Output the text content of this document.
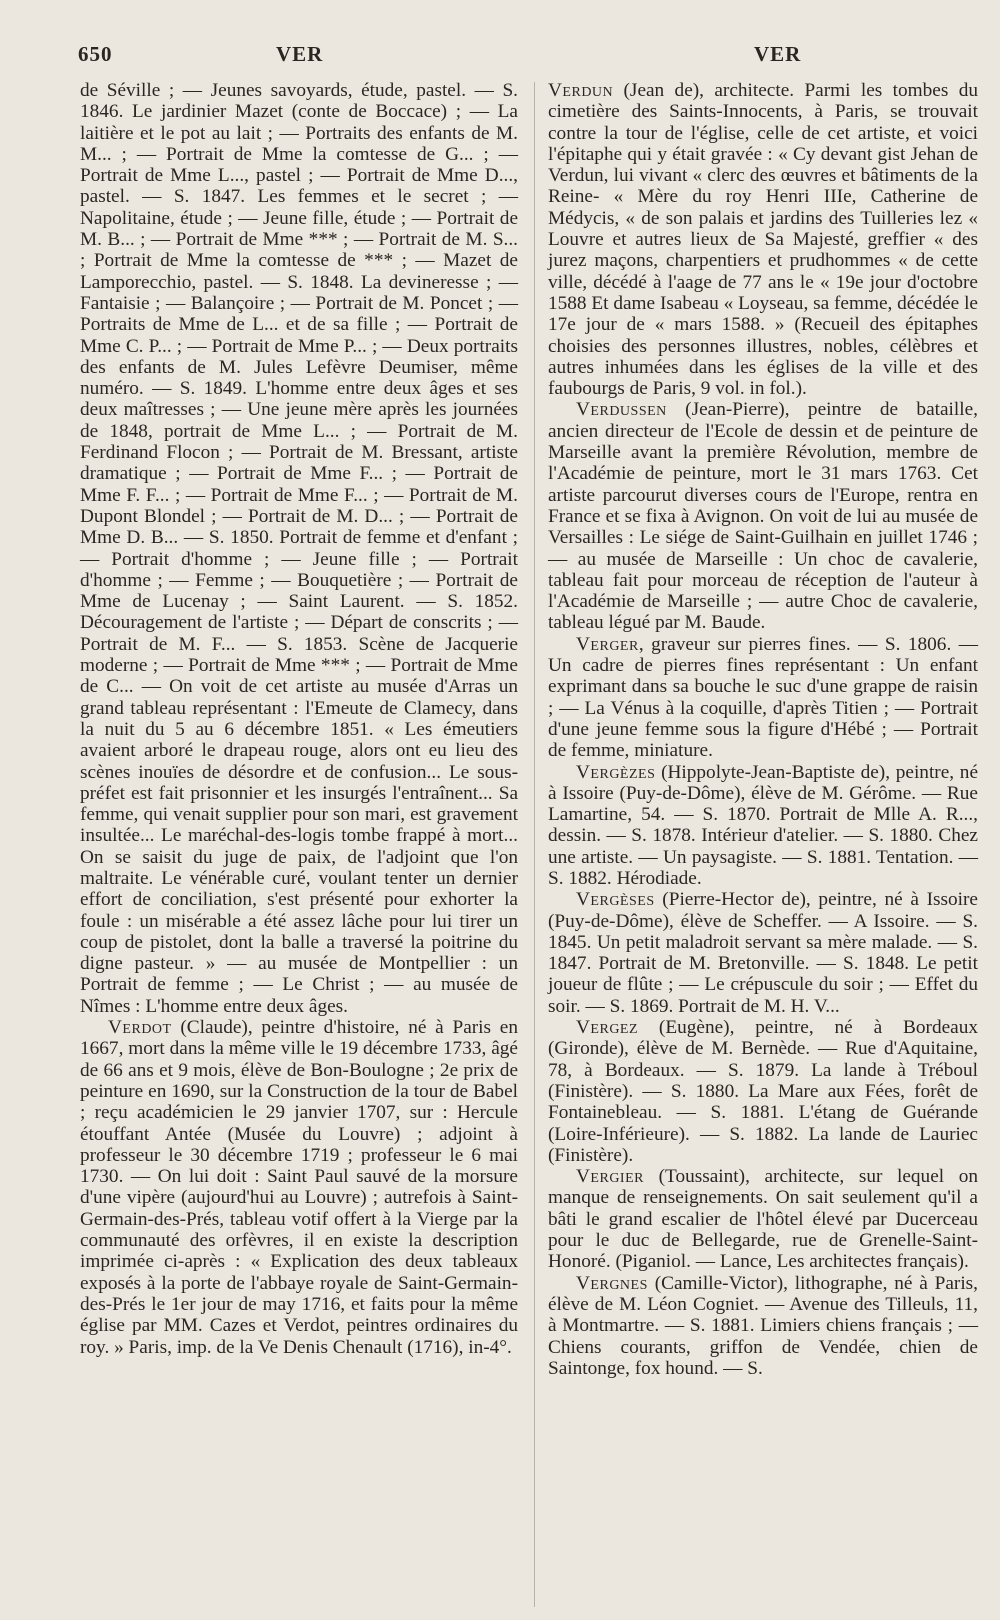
650	VER	VER

de Séville ; — Jeunes savoyards, étude, pastel. — S. 1846. Le jardinier Mazet (conte de Boccace) ; — La laitière et le pot au lait ; — Portraits des enfants de M. M... ; — Portrait de Mme la comtesse de G... ; — Portrait de Mme L..., pastel ; — Portrait de Mme D..., pastel. — S. 1847. Les femmes et le secret ; — Napolitaine, étude ; — Jeune fille, étude ; — Portrait de M. B... ; — Portrait de Mme *** ; — Portrait de M. S... ; Portrait de Mme la comtesse de *** ; — Mazet de Lamporecchio, pastel. — S. 1848. La devineresse ; — Fantaisie ; — Balançoire ; — Portrait de M. Poncet ; — Portraits de Mme de L... et de sa fille ; — Portrait de Mme C. P... ; — Portrait de Mme P... ; — Deux portraits des enfants de M. Jules Lefèvre Deumiser, même numéro. — S. 1849. L'homme entre deux âges et ses deux maîtresses ; — Une jeune mère après les journées de 1848, portrait de Mme L... ; — Portrait de M. Ferdinand Flocon ; — Portrait de M. Bressant, artiste dramatique ; — Portrait de Mme F... ; — Portrait de Mme F. F... ; — Portrait de Mme F... ; — Portrait de M. Dupont Blondel ; — Portrait de M. D... ; — Portrait de Mme D. B... — S. 1850. Portrait de femme et d'enfant ; — Portrait d'homme ; — Jeune fille ; — Portrait d'homme ; — Femme ; — Bouquetière ; — Portrait de Mme de Lucenay ; — Saint Laurent. — S. 1852. Découragement de l'artiste ; — Départ de conscrits ; — Portrait de M. F... — S. 1853. Scène de Jacquerie moderne ; — Portrait de Mme *** ; — Portrait de Mme de C... — On voit de cet artiste au musée d'Arras un grand tableau représentant : l'Emeute de Clamecy, dans la nuit du 5 au 6 décembre 1851. « Les émeutiers avaient arboré le drapeau rouge, alors ont eu lieu des scènes inouïes de désordre et de confusion... Le sous-préfet est fait prisonnier et les insurgés l'entraînent... Sa femme, qui venait supplier pour son mari, est gravement insultée... Le maréchal-des-logis tombe frappé à mort... On se saisit du juge de paix, de l'adjoint que l'on maltraite. Le vénérable curé, voulant tenter un dernier effort de conciliation, s'est présenté pour exhorter la foule : un misérable a été assez lâche pour lui tirer un coup de pistolet, dont la balle a traversé la poitrine du digne pasteur. » — au musée de Montpellier : un Portrait de femme ; — Le Christ ; — au musée de Nîmes : L'homme entre deux âges.

Verdot (Claude), peintre d'histoire, né à Paris en 1667, mort dans la même ville le 19 décembre 1733, âgé de 66 ans et 9 mois, élève de Bon-Boulogne ; 2e prix de peinture en 1690, sur la Construction de la tour de Babel ; reçu académicien le 29 janvier 1707, sur : Hercule étouffant Antée (Musée du Louvre) ; adjoint à professeur le 30 décembre 1719 ; professeur le 6 mai 1730. — On lui doit : Saint Paul sauvé de la morsure d'une vipère (aujourd'hui au Louvre) ; autrefois à Saint-Germain-des-Prés, tableau votif offert à la Vierge par la communauté des orfèvres, il en existe la description imprimée ci-après : « Explication des deux tableaux exposés à la porte de l'abbaye royale de Saint-Germain-des-Prés le 1er jour de may 1716, et faits pour la même église par MM. Cazes et Verdot, peintres ordinaires du roy. » Paris, imp. de la Ve Denis Chenault (1716), in-4°.

Verdun (Jean de), architecte. Parmi les tombes du cimetière des Saints-Innocents, à Paris, se trouvait contre la tour de l'église, celle de cet artiste, et voici l'épitaphe qui y était gravée : « Cy devant gist Jehan de Verdun, lui vivant « clerc des œuvres et bâtiments de la Reine- « Mère du roy Henri IIIe, Catherine de Médycis, « de son palais et jardins des Tuilleries lez « Louvre et autres lieux de Sa Majesté, greffier « des jurez maçons, charpentiers et prudhommes « de cette ville, décédé à l'aage de 77 ans le « 19e jour d'octobre 1588 Et dame Isabeau « Loyseau, sa femme, décédée le 17e jour de « mars 1588. » (Recueil des épitaphes choisies des personnes illustres, nobles, célèbres et autres inhumées dans les églises de la ville et des faubourgs de Paris, 9 vol. in fol.).

Verdussen (Jean-Pierre), peintre de bataille, ancien directeur de l'Ecole de dessin et de peinture de Marseille avant la première Révolution, membre de l'Académie de peinture, mort le 31 mars 1763. Cet artiste parcourut diverses cours de l'Europe, rentra en France et se fixa à Avignon. On voit de lui au musée de Versailles : Le siége de Saint-Guilhain en juillet 1746 ; — au musée de Marseille : Un choc de cavalerie, tableau fait pour morceau de réception de l'auteur à l'Académie de Marseille ; — autre Choc de cavalerie, tableau légué par M. Baude.

Verger, graveur sur pierres fines. — S. 1806. — Un cadre de pierres fines représentant : Un enfant exprimant dans sa bouche le suc d'une grappe de raisin ; — La Vénus à la coquille, d'après Titien ; — Portrait d'une jeune femme sous la figure d'Hébé ; — Portrait de femme, miniature.

Vergèzes (Hippolyte-Jean-Baptiste de), peintre, né à Issoire (Puy-de-Dôme), élève de M. Gérôme. — Rue Lamartine, 54. — S. 1870. Portrait de Mlle A. R..., dessin. — S. 1878. Intérieur d'atelier. — S. 1880. Chez une artiste. — Un paysagiste. — S. 1881. Tentation. — S. 1882. Hérodiade.

Vergèses (Pierre-Hector de), peintre, né à Issoire (Puy-de-Dôme), élève de Scheffer. — A Issoire. — S. 1845. Un petit maladroit servant sa mère malade. — S. 1847. Portrait de M. Bretonville. — S. 1848. Le petit joueur de flûte ; — Le crépuscule du soir ; — Effet du soir. — S. 1869. Portrait de M. H. V...

Vergez (Eugène), peintre, né à Bordeaux (Gironde), élève de M. Bernède. — Rue d'Aquitaine, 78, à Bordeaux. — S. 1879. La lande à Tréboul (Finistère). — S. 1880. La Mare aux Fées, forêt de Fontainebleau. — S. 1881. L'étang de Guérande (Loire-Inférieure). — S. 1882. La lande de Lauriec (Finistère).

Vergier (Toussaint), architecte, sur lequel on manque de renseignements. On sait seulement qu'il a bâti le grand escalier de l'hôtel élevé par Ducerceau pour le duc de Bellegarde, rue de Grenelle-Saint-Honoré. (Piganiol. — Lance, Les architectes français).

Vergnes (Camille-Victor), lithographe, né à Paris, élève de M. Léon Cogniet. — Avenue des Tilleuls, 11, à Montmartre. — S. 1881. Limiers chiens français ; — Chiens courants, griffon de Vendée, chien de Saintonge, fox hound. — S.
